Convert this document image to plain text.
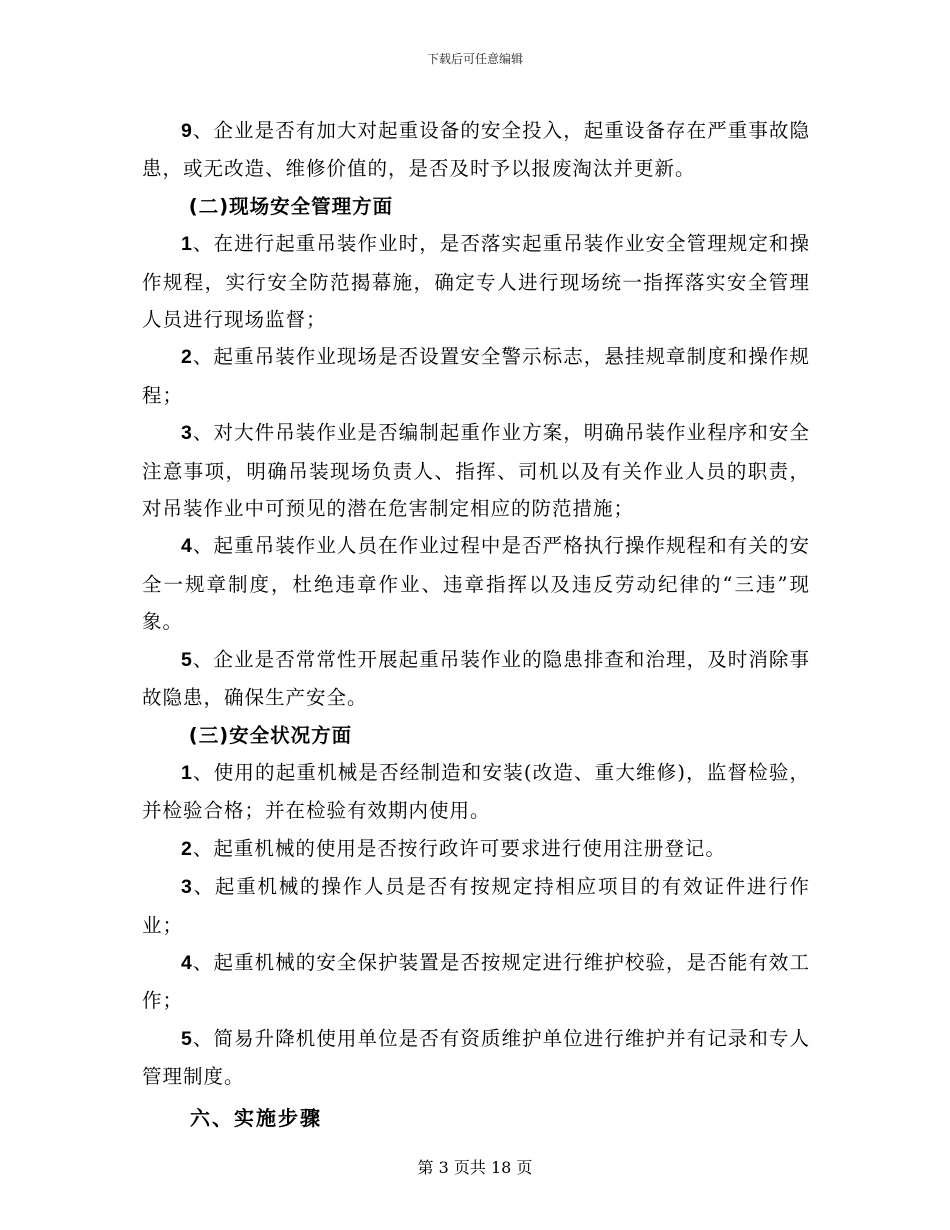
下载后可任意编辑

9、企业是否有加大对起重设备的安全投入，起重设备存在严重事故隐患，或无改造、维修价值的，是否及时予以报废淘汰并更新。

(二)现场安全管理方面

1、在进行起重吊装作业时，是否落实起重吊装作业安全管理规定和操作规程，实行安全防范揭幕施，确定专人进行现场统一指挥落实安全管理人员进行现场监督；

2、起重吊装作业现场是否设置安全警示标志，悬挂规章制度和操作规程；

3、对大件吊装作业是否编制起重作业方案，明确吊装作业程序和安全注意事项，明确吊装现场负责人、指挥、司机以及有关作业人员的职责，对吊装作业中可预见的潜在危害制定相应的防范措施；

4、起重吊装作业人员在作业过程中是否严格执行操作规程和有关的安全一规章制度，杜绝违章作业、违章指挥以及违反劳动纪律的“三违”现象。

5、企业是否常常性开展起重吊装作业的隐患排查和治理，及时消除事故隐患，确保生产安全。

(三)安全状况方面

1、使用的起重机械是否经制造和安装(改造、重大维修)，监督检验，并检验合格；并在检验有效期内使用。

2、起重机械的使用是否按行政许可要求进行使用注册登记。

3、起重机械的操作人员是否有按规定持相应项目的有效证件进行作业；

4、起重机械的安全保护装置是否按规定进行维护校验，是否能有效工作；

5、简易升降机使用单位是否有资质维护单位进行维护并有记录和专人管理制度。

六、实施步骤

第 3 页共 18 页
